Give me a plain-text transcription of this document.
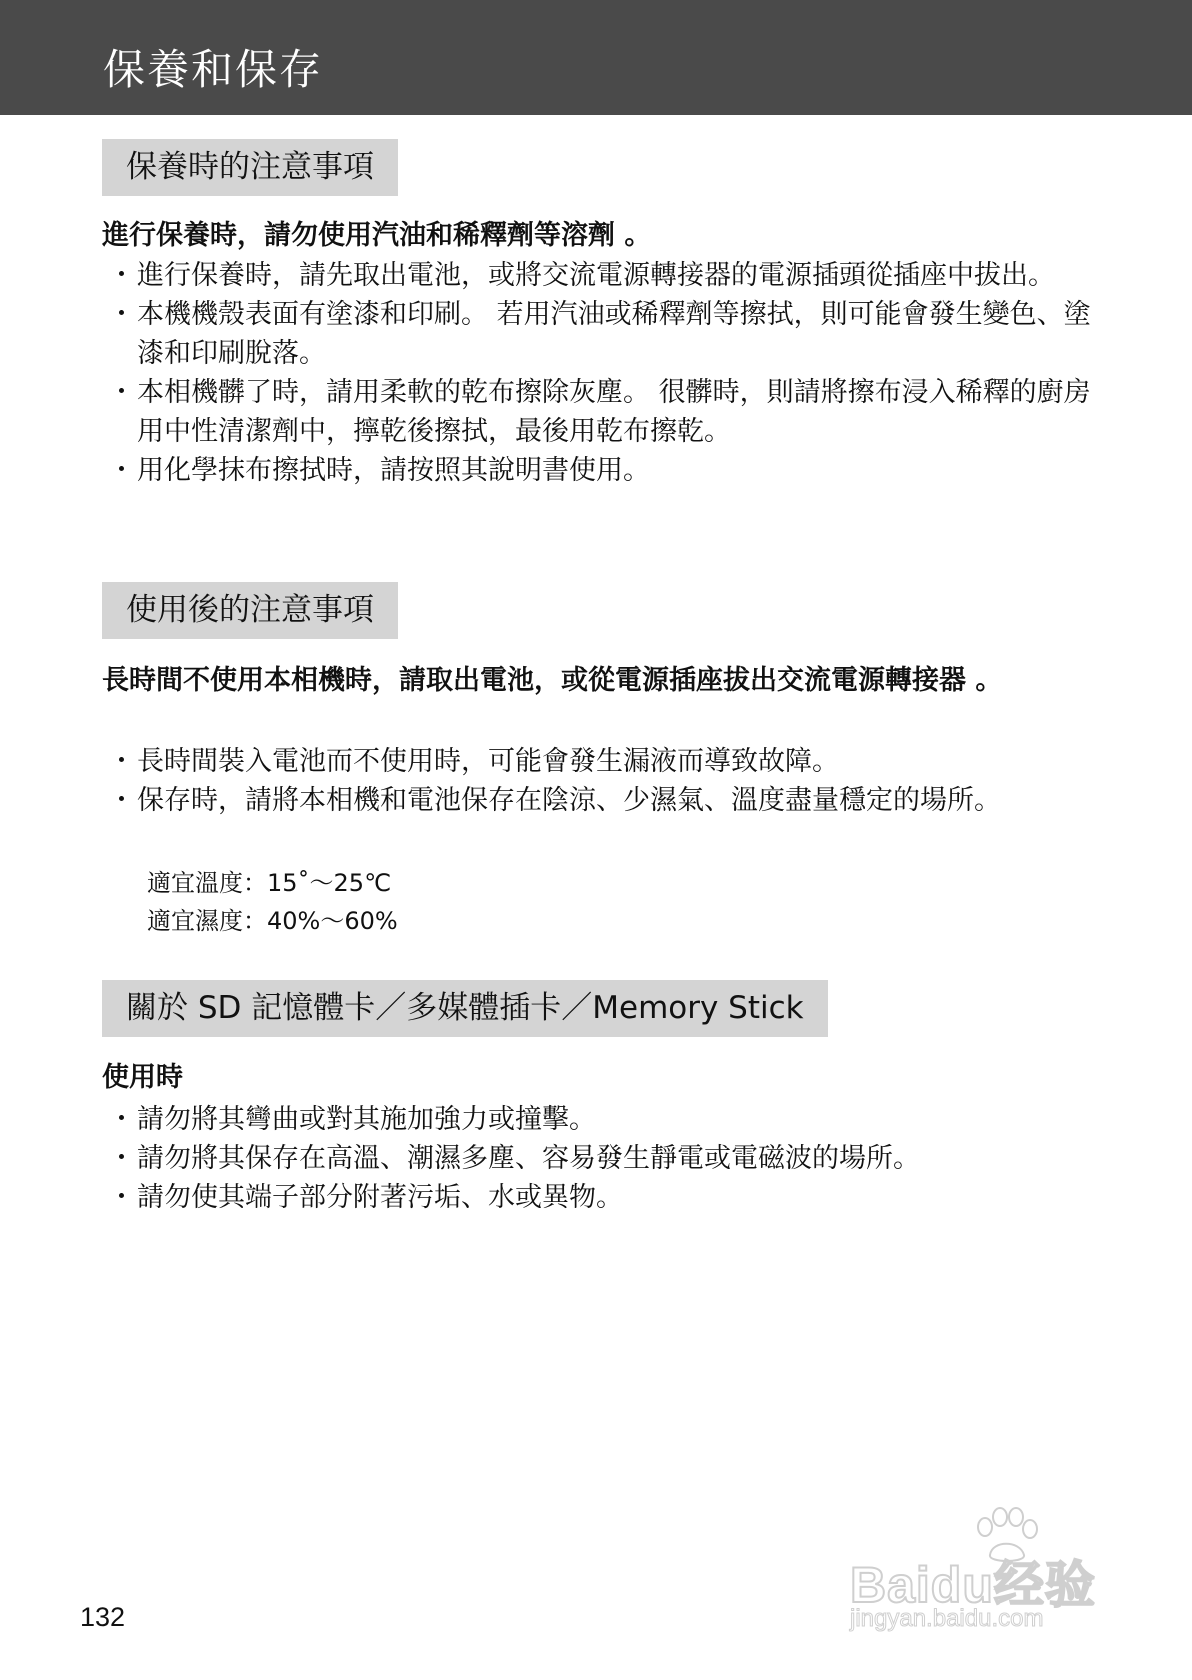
保養和保存
保養時的注意事項
進行保養時，請勿使用汽油和稀釋劑等溶劑 。
・ 進行保養時，請先取出電池，或將交流電源轉接器的電源插頭從插座中拔出。
・ 本機機殼表面有塗漆和印刷。 若用汽油或稀釋劑等擦拭，則可能會發生變色、塗漆和印刷脫落。
・ 本相機髒了時，請用柔軟的乾布擦除灰塵。 很髒時，則請將擦布浸入稀釋的廚房用中性清潔劑中，擰乾後擦拭，最後用乾布擦乾。
・ 用化學抹布擦拭時，請按照其說明書使用。
使用後的注意事項
長時間不使用本相機時，請取出電池，或從電源插座拔出交流電源轉接器 。
・ 長時間裝入電池而不使用時，可能會發生漏液而導致故障。
・ 保存時，請將本相機和電池保存在陰涼、少濕氣、溫度盡量穩定的場所。
適宜溫度：15˚～25℃
適宜濕度：40%～60%
關於 SD 記憶體卡／多媒體插卡／Memory Stick
使用時
・ 請勿將其彎曲或對其施加強力或撞擊。
・ 請勿將其保存在高溫、潮濕多塵、容易發生靜電或電磁波的場所。
・ 請勿使其端子部分附著污垢、水或異物。
132
Baidu经验
jingyan.baidu.com
